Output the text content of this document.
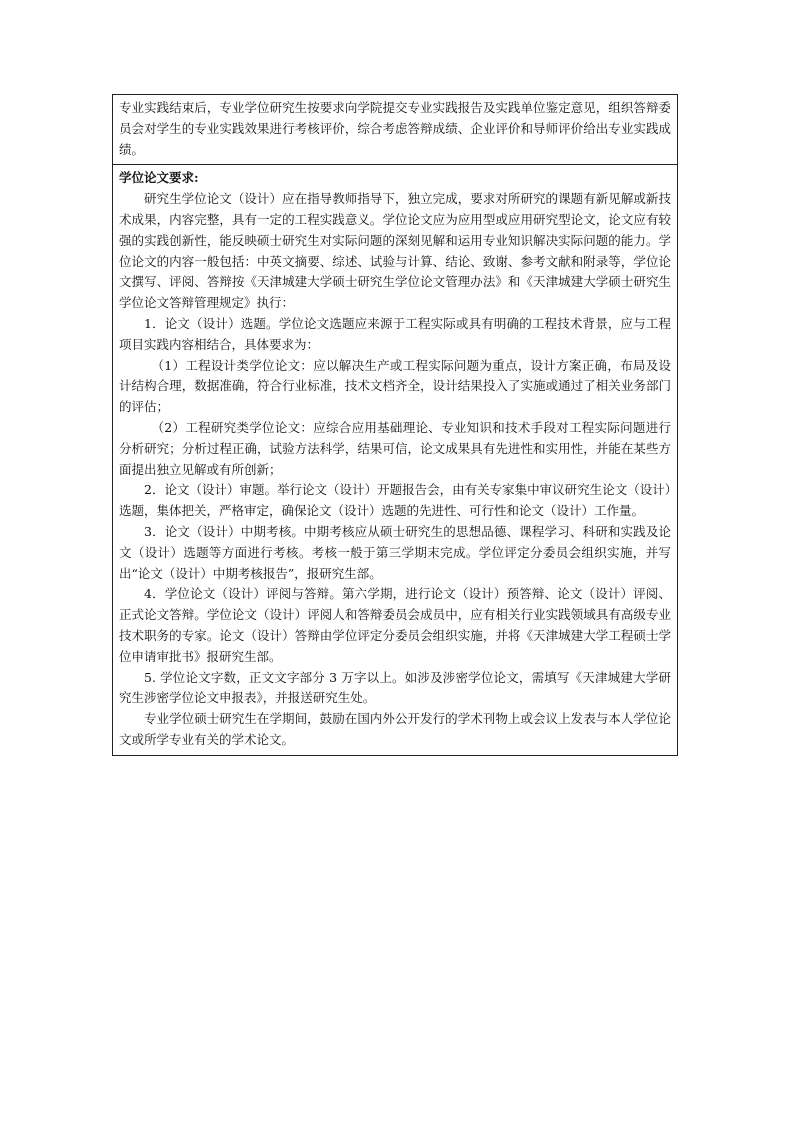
专业实践结束后，专业学位研究生按要求向学院提交专业实践报告及实践单位鉴定意见，组织答辩委员会对学生的专业实践效果进行考核评价，综合考虑答辩成绩、企业评价和导师评价给出专业实践成绩。

学位论文要求:

研究生学位论文（设计）应在指导教师指导下，独立完成，要求对所研究的课题有新见解或新技术成果，内容完整，具有一定的工程实践意义。学位论文应为应用型或应用研究型论文，论文应有较强的实践创新性，能反映硕士研究生对实际问题的深刻见解和运用专业知识解决实际问题的能力。学位论文的内容一般包括：中英文摘要、综述、试验与计算、结论、致谢、参考文献和附录等，学位论文撰写、评阅、答辩按《天津城建大学硕士研究生学位论文管理办法》和《天津城建大学硕士研究生学位论文答辩管理规定》执行：

1．论文（设计）选题。学位论文选题应来源于工程实际或具有明确的工程技术背景，应与工程项目实践内容相结合，具体要求为：

（1）工程设计类学位论文：应以解决生产或工程实际问题为重点，设计方案正确，布局及设计结构合理，数据准确，符合行业标准，技术文档齐全，设计结果投入了实施或通过了相关业务部门的评估；

（2）工程研究类学位论文：应综合应用基础理论、专业知识和技术手段对工程实际问题进行分析研究；分析过程正确，试验方法科学，结果可信，论文成果具有先进性和实用性，并能在某些方面提出独立见解或有所创新；

2．论文（设计）审题。举行论文（设计）开题报告会，由有关专家集中审议研究生论文（设计）选题，集体把关，严格审定，确保论文（设计）选题的先进性、可行性和论文（设计）工作量。

3．论文（设计）中期考核。中期考核应从硕士研究生的思想品德、课程学习、科研和实践及论文（设计）选题等方面进行考核。考核一般于第三学期末完成。学位评定分委员会组织实施，并写出“论文（设计）中期考核报告”，报研究生部。

4．学位论文（设计）评阅与答辩。第六学期，进行论文（设计）预答辩、论文（设计）评阅、正式论文答辩。学位论文（设计）评阅人和答辩委员会成员中，应有相关行业实践领域具有高级专业技术职务的专家。论文（设计）答辩由学位评定分委员会组织实施，并将《天津城建大学工程硕士学位申请审批书》报研究生部。

5. 学位论文字数，正文文字部分 3 万字以上。如涉及涉密学位论文，需填写《天津城建大学研究生涉密学位论文申报表》，并报送研究生处。

专业学位硕士研究生在学期间，鼓励在国内外公开发行的学术刊物上或会议上发表与本人学位论文或所学专业有关的学术论文。
